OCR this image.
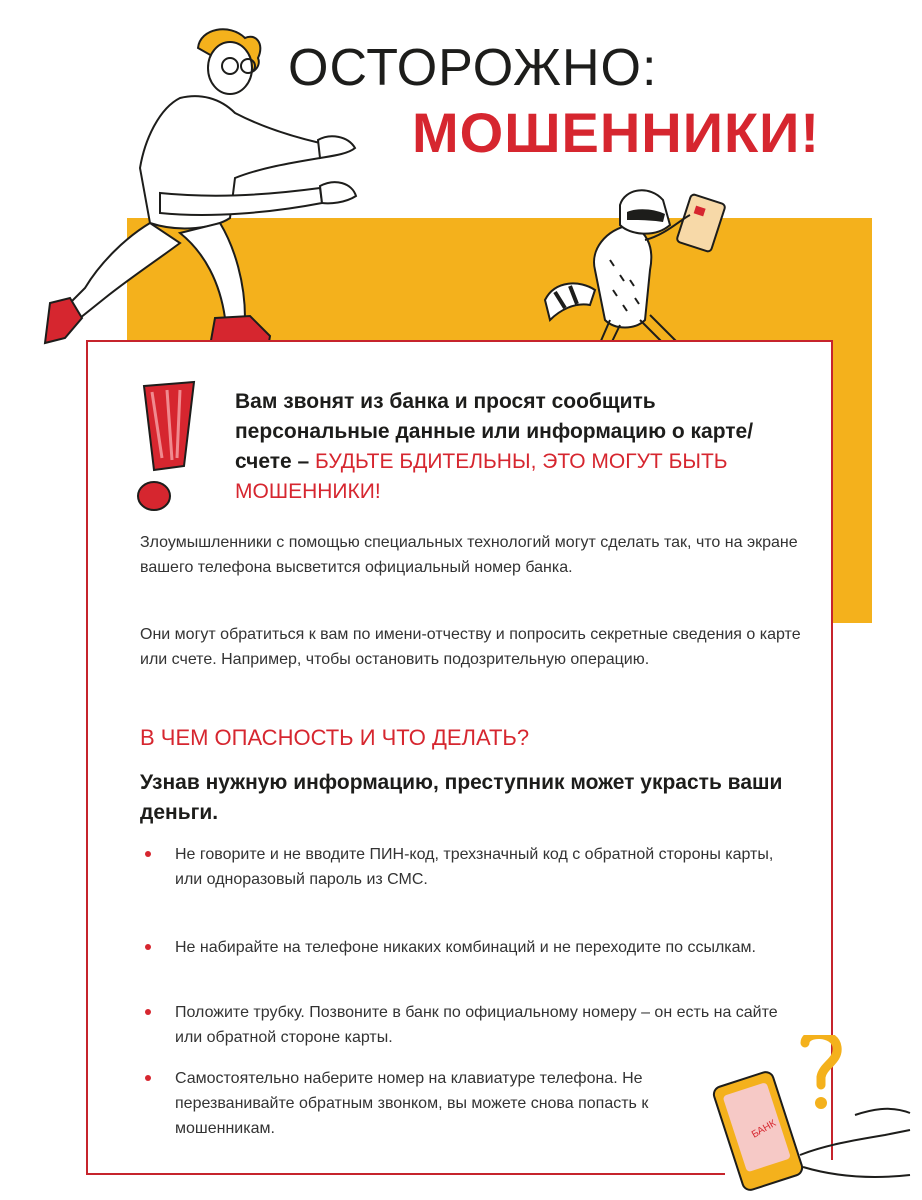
ОСТОРОЖНО:
МОШЕННИКИ!
Вам звонят из банка и просят сообщить персональные данные или информацию о карте/счете – БУДЬТЕ БДИТЕЛЬНЫ, ЭТО МОГУТ БЫТЬ МОШЕННИКИ!
Злоумышленники с помощью специальных технологий могут сделать так, что на экране вашего телефона высветится официальный номер банка.
Они могут обратиться к вам по имени-отчеству и попросить секретные сведения о карте или счете. Например, чтобы остановить подозрительную операцию.
В ЧЕМ ОПАСНОСТЬ И ЧТО ДЕЛАТЬ?
Узнав нужную информацию, преступник может украсть ваши деньги.
Не говорите и не вводите ПИН-код, трехзначный код с обратной стороны карты, или одноразовый пароль из СМС.
Не набирайте на телефоне никаких комбинаций и не переходите по ссылкам.
Положите трубку. Позвоните в банк по официальному номеру – он есть на сайте или обратной стороне карты.
Самостоятельно наберите номер на клавиатуре телефона. Не перезванивайте обратным звонком, вы можете снова попасть к мошенникам.	БАНК
